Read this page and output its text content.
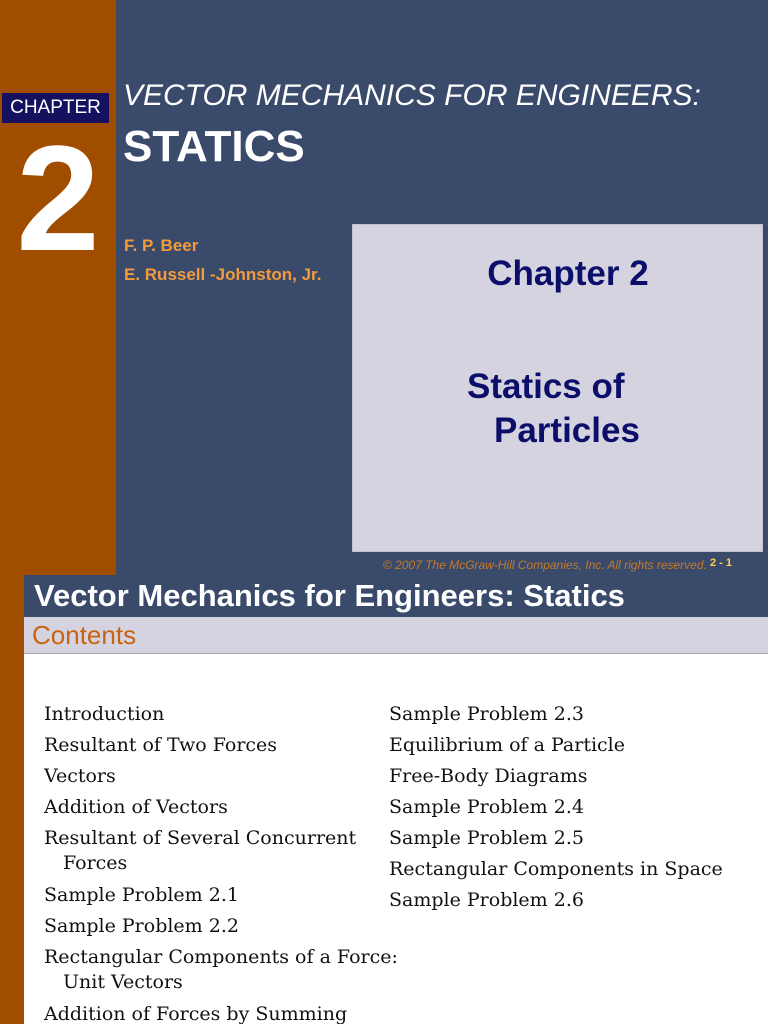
CHAPTER
2
VECTOR MECHANICS FOR ENGINEERS:
STATICS
F. P. Beer
E. Russell -Johnston, Jr.	Chapter 2
Statics of
Particles
© 2007 The McGraw-Hill Companies, Inc. All rights reserved. 2 - 1
Vector Mechanics for Engineers: Statics
Contents
Introduction
Resultant of Two Forces
Vectors
Addition of Vectors
Resultant of Several Concurrent
Forces
Sample Problem 2.1
Sample Problem 2.2
Rectangular Components of a Force:
Unit Vectors
Addition of Forces by Summing
Sample Problem 2.3
Equilibrium of a Particle
Free-Body Diagrams
Sample Problem 2.4
Sample Problem 2.5
Rectangular Components in Space
Sample Problem 2.6
